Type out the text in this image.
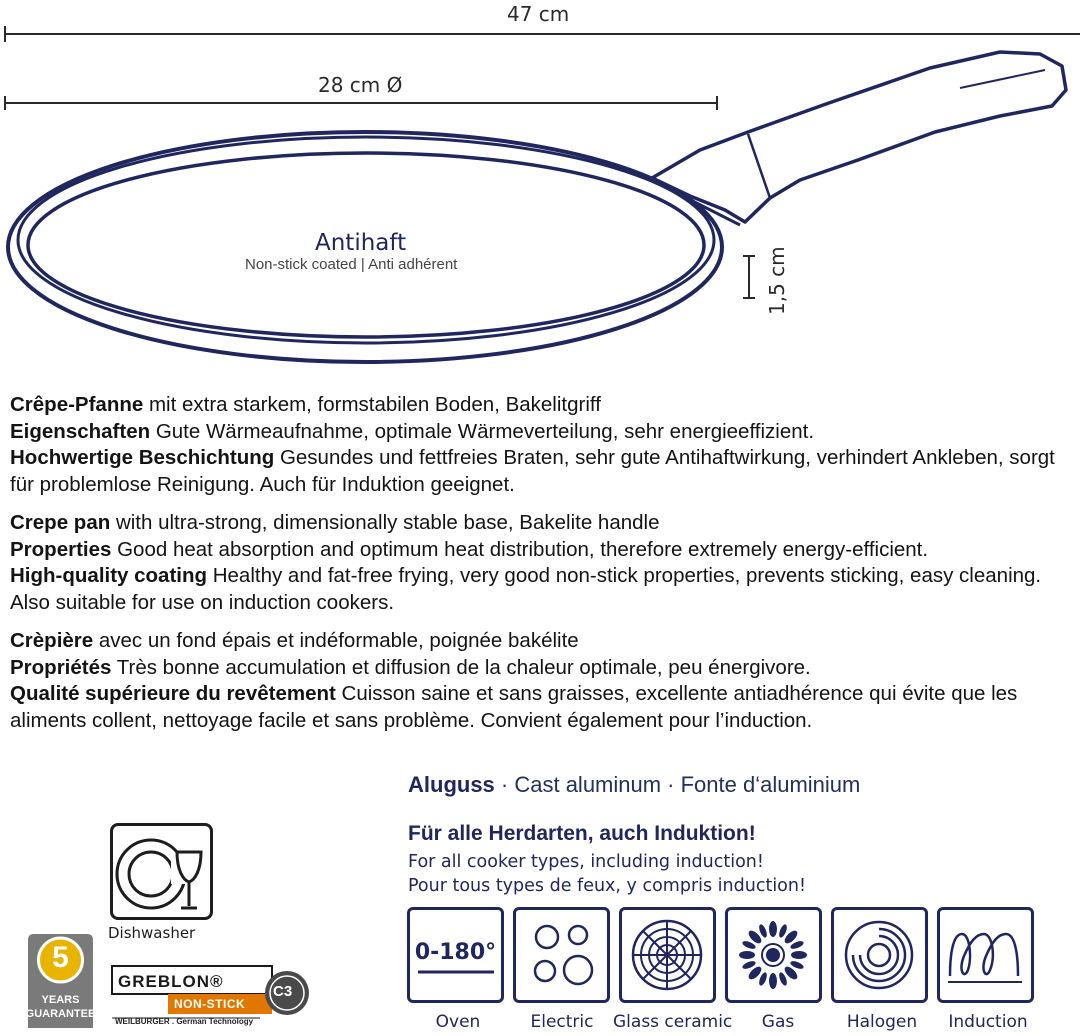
47 cm
28 cm Ø
1,5 cm
Antihaft
Non-stick coated | Anti adhérent

Crêpe-Pfanne mit extra starkem, formstabilen Boden, Bakelitgriff

Eigenschaften Gute Wärmeaufnahme, optimale Wärmeverteilung, sehr energieeffizient.

Hochwertige Beschichtung Gesundes und fettfreies Braten, sehr gute Antihaftwirkung, verhindert Ankleben, sorgt für problemlose Reinigung. Auch für Induktion geeignet.

Crepe pan with ultra-strong, dimensionally stable base, Bakelite handle

Properties Good heat absorption and optimum heat distribution, therefore extremely energy-efficient.

High-quality coating Healthy and fat-free frying, very good non-stick properties, prevents sticking, easy cleaning. Also suitable for use on induction cookers.

Crèpière avec un fond épais et indéformable, poignée bakélite

Propriétés Très bonne accumulation et diffusion de la chaleur optimale, peu énergivore.

Qualité supérieure du revêtement Cuisson saine et sans graisses, excellente antiadhérence qui évite que les aliments collent, nettoyage facile et sans problème. Convient également pour l’induction.

Aluguss · Cast aluminum · Fonte d‘aluminium
Für alle Herdarten, auch Induktion!
For all cooker types, including induction!
Pour tous types de feux, y compris induction!
0-180°
Oven	Electric	Glass ceramic	Gas	Halogen	Induction
Dishwasher
5
YEARS
GUARANTEE
GREBLON®
NON-STICK
C3
WEILBURGER . German Technology
